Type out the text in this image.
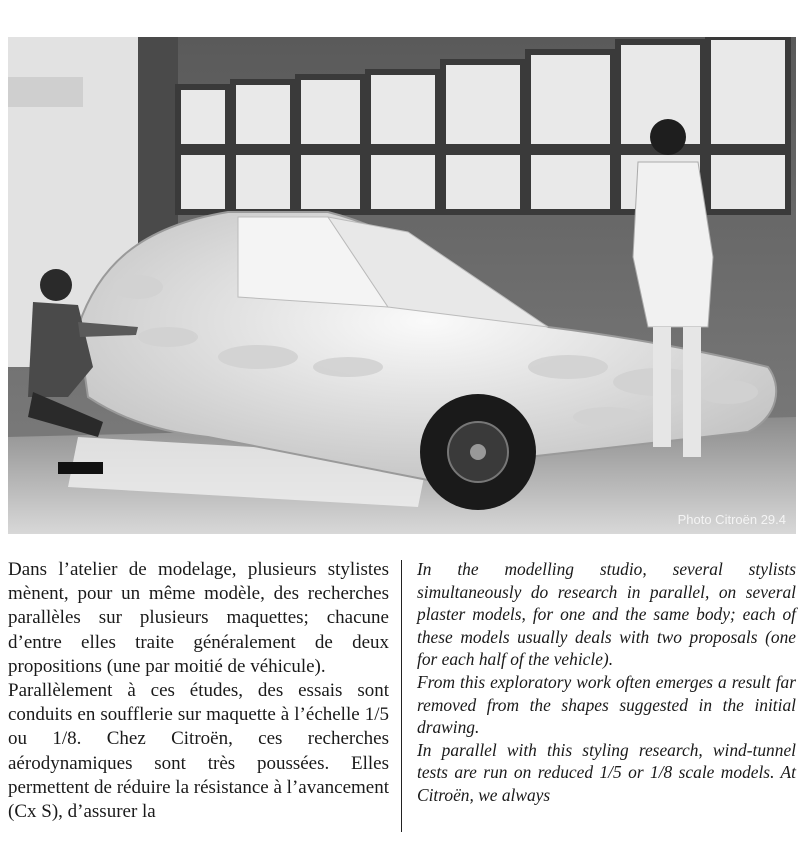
Photo Citroën 29.4

Dans l’atelier de modelage, plusieurs stylistes mènent, pour un même modèle, des recherches parallèles sur plusieurs maquettes; chacune d’entre elles traite généralement de deux propositions (une par moitié de véhicule).

Parallèlement à ces études, des essais sont conduits en soufflerie sur maquette à l’échelle 1/5 ou 1/8. Chez Citroën, ces recherches aérodynamiques sont très poussées. Elles permettent de réduire la résistance à l’avancement (Cx S), d’assurer la

In the modelling studio, several stylists simultaneously do research in parallel, on several plaster models, for one and the same body; each of these models usually deals with two proposals (one for each half of the vehicle).

From this exploratory work often emerges a result far removed from the shapes suggested in the initial drawing.

In parallel with this styling research, wind-tunnel tests are run on reduced 1/5 or 1/8 scale models. At Citroën, we always
